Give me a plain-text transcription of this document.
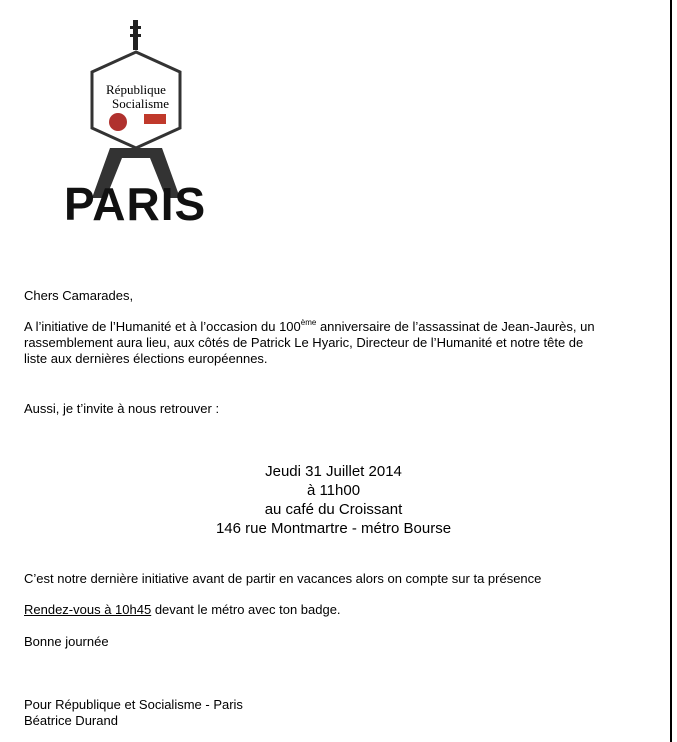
République
Socialisme
PARIS

Chers Camarades,

A l’initiative de l’Humanité et à l’occasion du 100ème anniversaire de l’assassinat de Jean-Jaurès, un
rassemblement aura lieu, aux côtés de Patrick Le Hyaric, Directeur de l’Humanité et notre tête de
liste aux dernières élections européennes.

Aussi, je t’invite à nous retrouver :

Jeudi 31 Juillet 2014
à 11h00
au café du Croissant
146 rue Montmartre - métro Bourse

C’est notre dernière initiative avant de partir en vacances alors on compte sur ta présence

Rendez-vous à 10h45 devant le métro avec ton badge.

Bonne journée

Pour République et Socialisme - Paris

Béatrice Durand
